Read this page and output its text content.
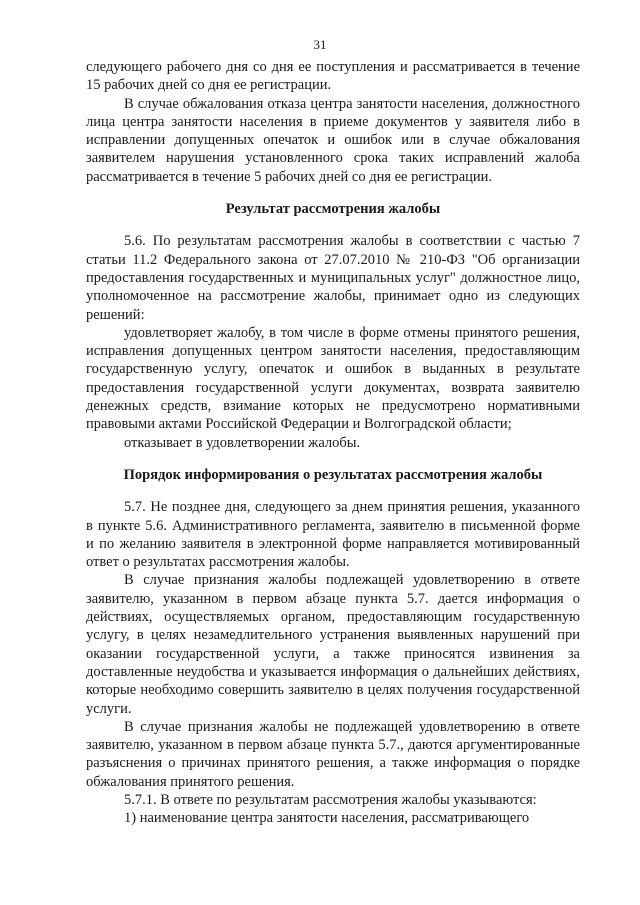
31

следующего рабочего дня со дня ее поступления и рассматривается в течение 15 рабочих дней со дня ее регистрации.

В случае обжалования отказа центра занятости населения, должностного лица центра занятости населения в приеме документов у заявителя либо в исправлении допущенных опечаток и ошибок или в случае обжалования заявителем нарушения установленного срока таких исправлений жалоба рассматривается в течение 5 рабочих дней со дня ее регистрации.

Результат рассмотрения жалобы

5.6. По результатам рассмотрения жалобы в соответствии с частью 7 статьи 11.2 Федерального закона от 27.07.2010 № 210-ФЗ "Об организации предоставления государственных и муниципальных услуг" должностное лицо, уполномоченное на рассмотрение жалобы, принимает одно из следующих решений:

удовлетворяет жалобу, в том числе в форме отмены принятого решения, исправления допущенных центром занятости населения, предоставляющим государственную услугу, опечаток и ошибок в выданных в результате предоставления государственной услуги документах, возврата заявителю денежных средств, взимание которых не предусмотрено нормативными правовыми актами Российской Федерации и Волгоградской области;

отказывает в удовлетворении жалобы.

Порядок информирования о результатах рассмотрения жалобы

5.7. Не позднее дня, следующего за днем принятия решения, указанного в пункте 5.6. Административного регламента, заявителю в письменной форме и по желанию заявителя в электронной форме направляется мотивированный ответ о результатах рассмотрения жалобы.

В случае признания жалобы подлежащей удовлетворению в ответе заявителю, указанном в первом абзаце пункта 5.7. дается информация о действиях, осуществляемых органом, предоставляющим государственную услугу, в целях незамедлительного устранения выявленных нарушений при оказании государственной услуги, а также приносятся извинения за доставленные неудобства и указывается информация о дальнейших действиях, которые необходимо совершить заявителю в целях получения государственной услуги.

В случае признания жалобы не подлежащей удовлетворению в ответе заявителю, указанном в первом абзаце пункта 5.7., даются аргументированные разъяснения о причинах принятого решения, а также информация о порядке обжалования принятого решения.

5.7.1. В ответе по результатам рассмотрения жалобы указываются:

1) наименование центра занятости населения, рассматривающего
